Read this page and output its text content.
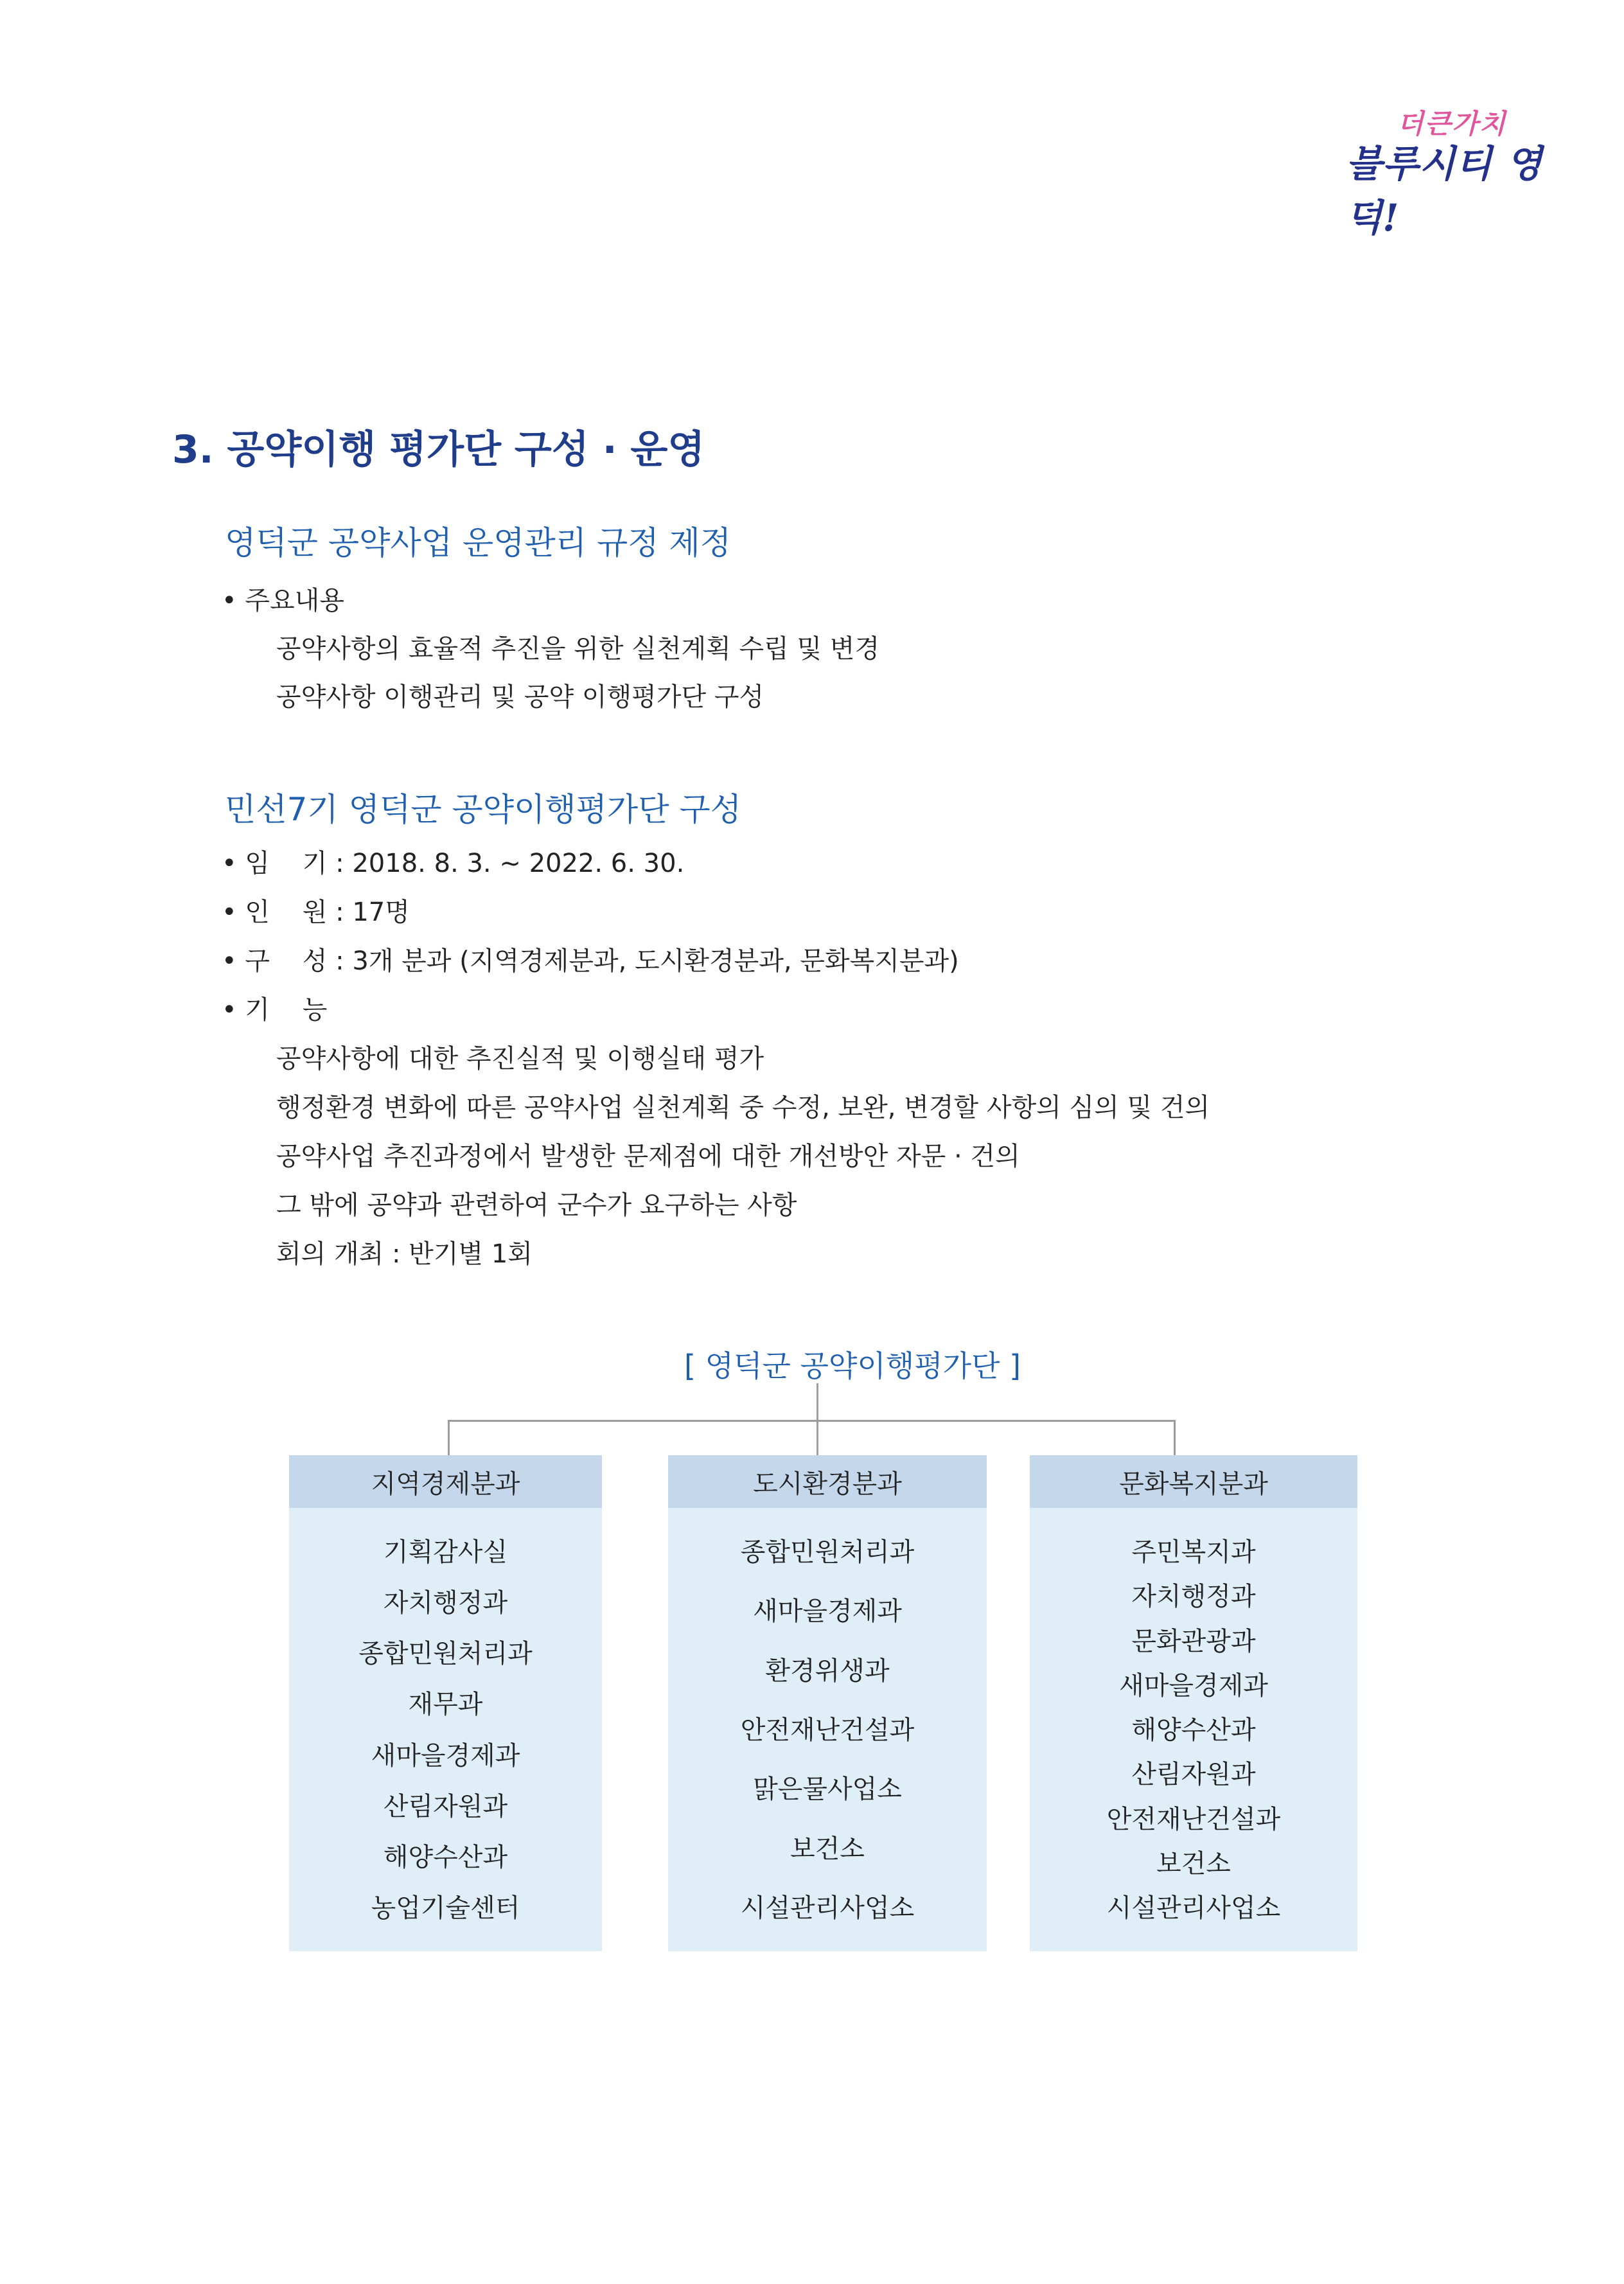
더큰가치
블루시티 영덕!
3. 공약이행 평가단 구성 · 운영
영덕군 공약사업 운영관리 규정 제정
• 주요내용
공약사항의 효율적 추진을 위한 실천계획 수립 및 변경
공약사항 이행관리 및 공약 이행평가단 구성
민선7기 영덕군 공약이행평가단 구성
• 임    기 : 2018. 8. 3. ~ 2022. 6. 30.
• 인    원 : 17명
• 구    성 : 3개 분과 (지역경제분과, 도시환경분과, 문화복지분과)
• 기    능
공약사항에 대한 추진실적 및 이행실태 평가
행정환경 변화에 따른 공약사업 실천계획 중 수정, 보완, 변경할 사항의 심의 및 건의
공약사업 추진과정에서 발생한 문제점에 대한 개선방안 자문 · 건의
그 밖에 공약과 관련하여 군수가 요구하는 사항
회의 개최 : 반기별 1회
[ 영덕군 공약이행평가단 ]
지역경제분과
기획감사실
자치행정과
종합민원처리과
재무과
새마을경제과
산림자원과
해양수산과
농업기술센터
도시환경분과
종합민원처리과
새마을경제과
환경위생과
안전재난건설과
맑은물사업소
보건소
시설관리사업소
문화복지분과
주민복지과
자치행정과
문화관광과
새마을경제과
해양수산과
산림자원과
안전재난건설과
보건소
시설관리사업소
